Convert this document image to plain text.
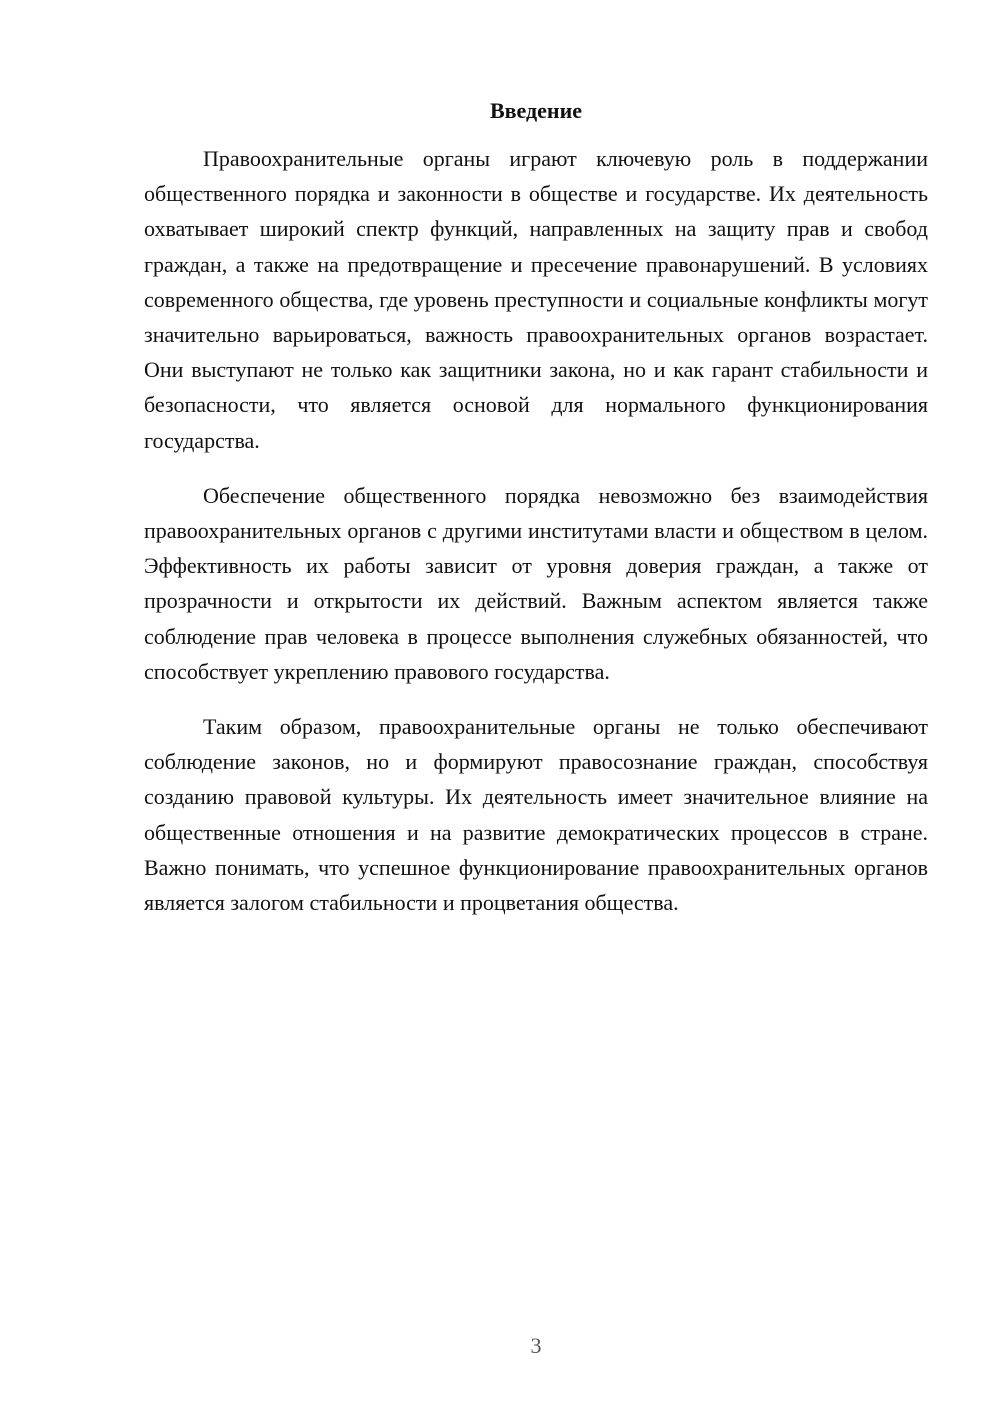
Введение

Правоохранительные органы играют ключевую роль в поддержании общественного порядка и законности в обществе и государстве. Их деятельность охватывает широкий спектр функций, направленных на защиту прав и свобод граждан, а также на предотвращение и пресечение правонарушений. В условиях современного общества, где уровень преступности и социальные конфликты могут значительно варьироваться, важность правоохранительных органов возрастает. Они выступают не только как защитники закона, но и как гарант стабильности и безопасности, что является основой для нормального функционирования государства.

Обеспечение общественного порядка невозможно без взаимодействия правоохранительных органов с другими институтами власти и обществом в целом. Эффективность их работы зависит от уровня доверия граждан, а также от прозрачности и открытости их действий. Важным аспектом является также соблюдение прав человека в процессе выполнения служебных обязанностей, что способствует укреплению правового государства.

Таким образом, правоохранительные органы не только обеспечивают соблюдение законов, но и формируют правосознание граждан, способствуя созданию правовой культуры. Их деятельность имеет значительное влияние на общественные отношения и на развитие демократических процессов в стране. Важно понимать, что успешное функционирование правоохранительных органов является залогом стабильности и процветания общества.

3
